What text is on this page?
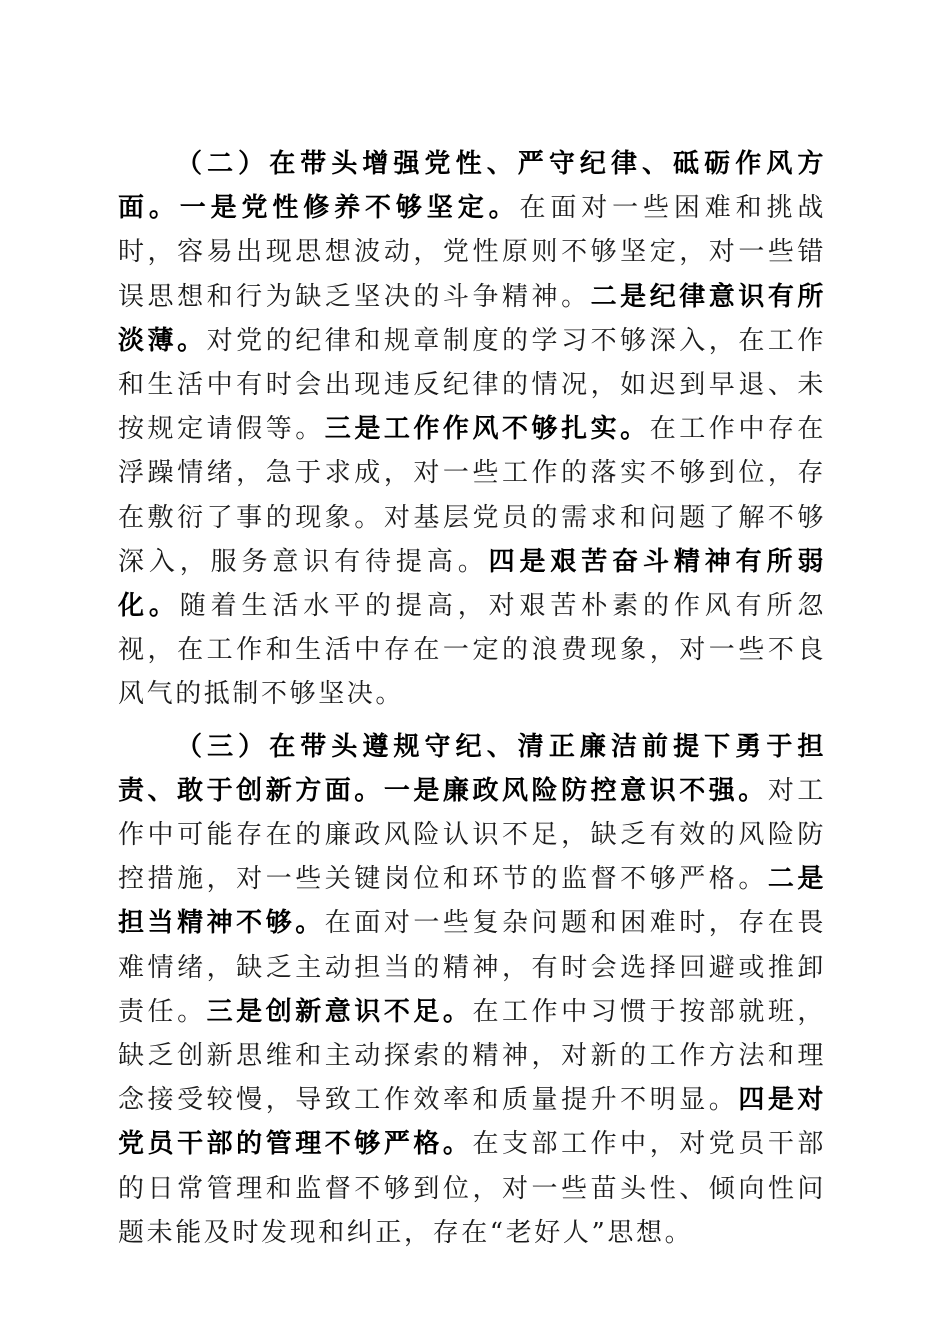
（二）在带头增强党性、严守纪律、砥砺作风方面。一是党性修养不够坚定。在面对一些困难和挑战时，容易出现思想波动，党性原则不够坚定，对一些错误思想和行为缺乏坚决的斗争精神。二是纪律意识有所淡薄。对党的纪律和规章制度的学习不够深入，在工作和生活中有时会出现违反纪律的情况，如迟到早退、未按规定请假等。三是工作作风不够扎实。在工作中存在浮躁情绪，急于求成，对一些工作的落实不够到位，存在敷衍了事的现象。对基层党员的需求和问题了解不够深入，服务意识有待提高。四是艰苦奋斗精神有所弱化。随着生活水平的提高，对艰苦朴素的作风有所忽视，在工作和生活中存在一定的浪费现象，对一些不良风气的抵制不够坚决。

（三）在带头遵规守纪、清正廉洁前提下勇于担责、敢于创新方面。一是廉政风险防控意识不强。对工作中可能存在的廉政风险认识不足，缺乏有效的风险防控措施，对一些关键岗位和环节的监督不够严格。二是担当精神不够。在面对一些复杂问题和困难时，存在畏难情绪，缺乏主动担当的精神，有时会选择回避或推卸责任。三是创新意识不足。在工作中习惯于按部就班，缺乏创新思维和主动探索的精神，对新的工作方法和理念接受较慢，导致工作效率和质量提升不明显。四是对党员干部的管理不够严格。在支部工作中，对党员干部的日常管理和监督不够到位，对一些苗头性、倾向性问题未能及时发现和纠正，存在“老好人”思想。
